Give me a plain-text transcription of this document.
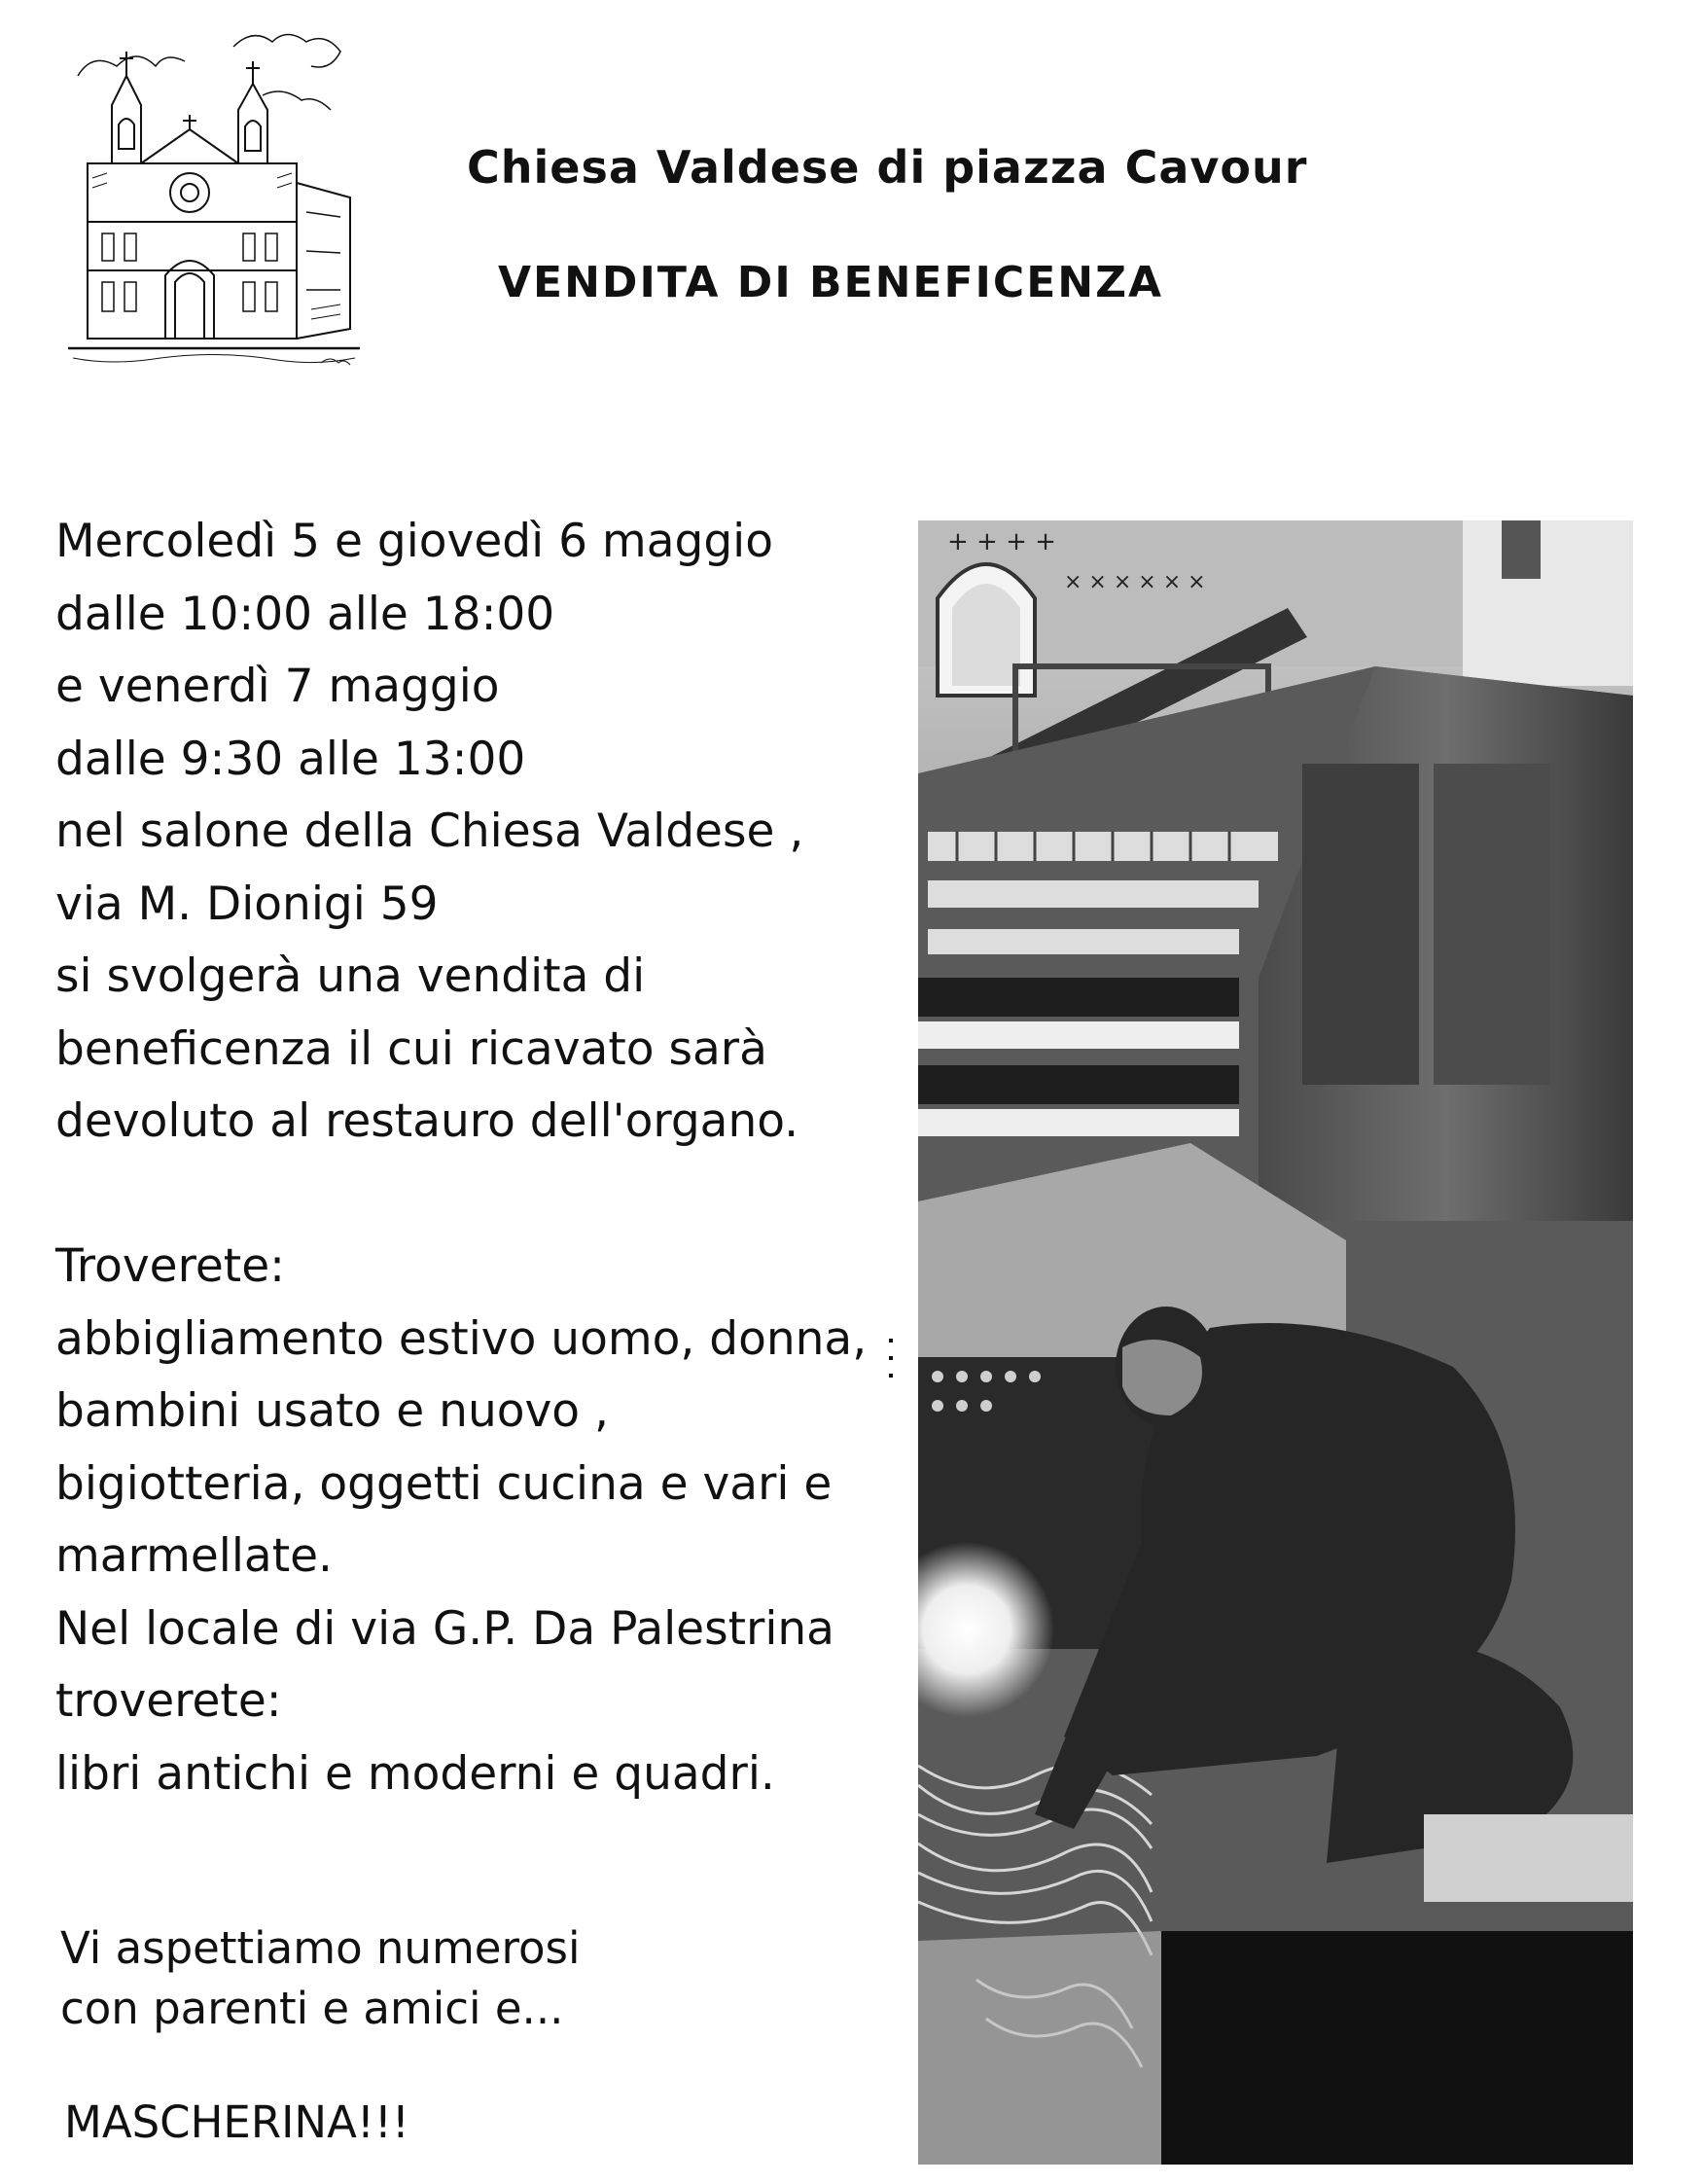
Chiesa Valdese di piazza Cavour
VENDITA DI BENEFICENZA
Mercoledì 5 e giovedì 6 maggio
dalle 10:00 alle 18:00
e venerdì 7 maggio
dalle 9:30 alle 13:00
nel salone della Chiesa Valdese ,
via M. Dionigi 59
si svolgerà una vendita di
beneficenza il cui ricavato sarà
devoluto al restauro dell'organo.
Troverete:
abbigliamento estivo uomo, donna,
bambini usato e nuovo ,
bigiotteria, oggetti cucina e vari e
marmellate.
Nel locale di via G.P. Da Palestrina
troverete:
libri antichi e moderni e quadri.
Vi aspettiamo numerosi
con parenti e amici e...
MASCHERINA!!!
+ + + +
× × × × × ×
